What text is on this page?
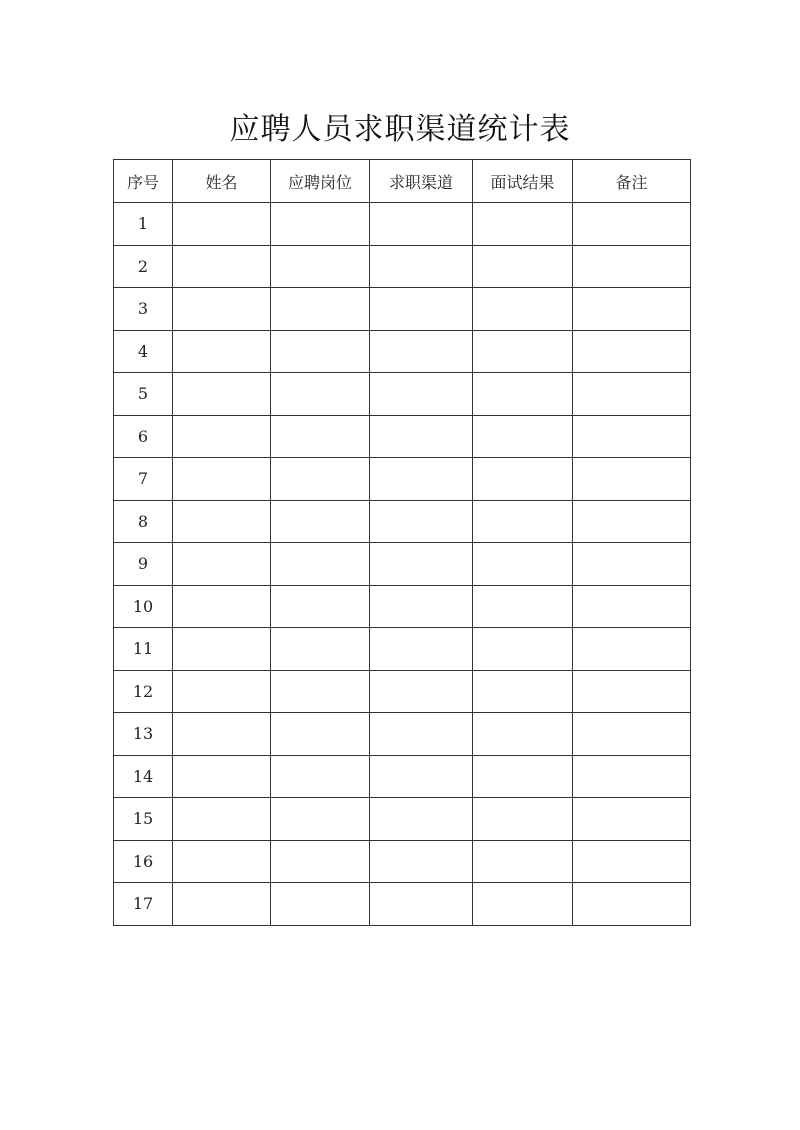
应聘人员求职渠道统计表
序号	姓名	应聘岗位	求职渠道	面试结果	备注
1					
2					
3					
4					
5					
6					
7					
8					
9					
10					
11					
12					
13					
14					
15					
16					
17					
